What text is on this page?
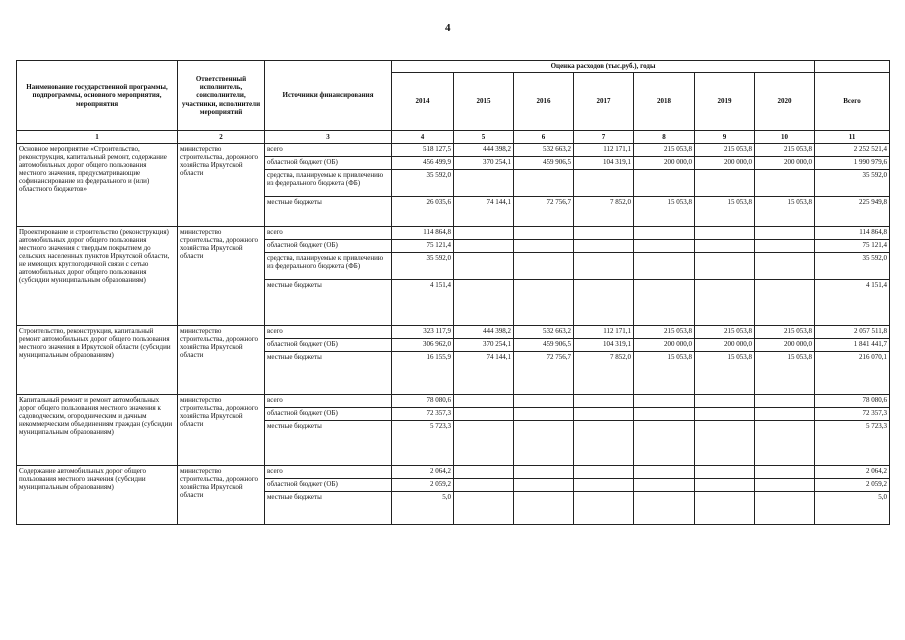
4
Наименование государственной программы, подпрограммы, основного мероприятия, мероприятия	Ответственный исполнитель, соисполнители, участники, исполнители мероприятий	Источники финансирования	Оценка расходов (тыс.руб.), годы							
			2014	2015	2016	2017	2018	2019	2020	Всего
1	2	3	4	5	6	7	8	9	10	11
Основное мероприятие «Строительство, реконструкция, капитальный ремонт, содержание автомобильных дорог общего пользования местного значения, предусматривающие софинансирование из федерального и (или) областного бюджетов»	министерство строительства, дорожного хозяйства Иркутской области	всего	518 127,5	444 398,2	532 663,2	112 171,1	215 053,8	215 053,8	215 053,8	2 252 521,4
		областной бюджет (ОБ)	456 499,9	370 254,1	459 906,5	104 319,1	200 000,0	200 000,0	200 000,0	1 990 979,6
		средства, планируемые к привлечению из федерального бюджета (ФБ)	35 592,0							35 592,0
		местные бюджеты	26 035,6	74 144,1	72 756,7	7 852,0	15 053,8	15 053,8	15 053,8	225 949,8
Проектирование и строительство (реконструкция) автомобильных дорог общего пользования местного значения с твердым покрытием до сельских населенных пунктов Иркутской области, не имеющих круглогодичной связи с сетью автомобильных дорог общего пользования (субсидии муниципальным образованиям)	министерство строительства, дорожного хозяйства Иркутской области	всего	114 864,8							114 864,8
		областной бюджет (ОБ)	75 121,4							75 121,4
		средства, планируемые к привлечению из федерального бюджета (ФБ)	35 592,0							35 592,0
		местные бюджеты	4 151,4							4 151,4
Строительство, реконструкция, капитальный ремонт автомобильных дорог общего пользования местного значения в Иркутской области (субсидии муниципальным образованиям)	министерство строительства, дорожного хозяйства Иркутской области	всего	323 117,9	444 398,2	532 663,2	112 171,1	215 053,8	215 053,8	215 053,8	2 057 511,8
		областной бюджет (ОБ)	306 962,0	370 254,1	459 906,5	104 319,1	200 000,0	200 000,0	200 000,0	1 841 441,7
		местные бюджеты	16 155,9	74 144,1	72 756,7	7 852,0	15 053,8	15 053,8	15 053,8	216 070,1
Капитальный ремонт и ремонт автомобильных дорог общего пользования местного значения к садоводческим, огородническим и дачным некоммерческим объединениям граждан (субсидии муниципальным образованиям)	министерство строительства, дорожного хозяйства Иркутской области	всего	78 080,6							78 080,6
		областной бюджет (ОБ)	72 357,3							72 357,3
		местные бюджеты	5 723,3							5 723,3
Содержание автомобильных дорог общего пользования местного значения (субсидии муниципальным образованиям)	министерство строительства, дорожного хозяйства Иркутской области	всего	2 064,2							2 064,2
		областной бюджет (ОБ)	2 059,2							2 059,2
		местные бюджеты	5,0							5,0
